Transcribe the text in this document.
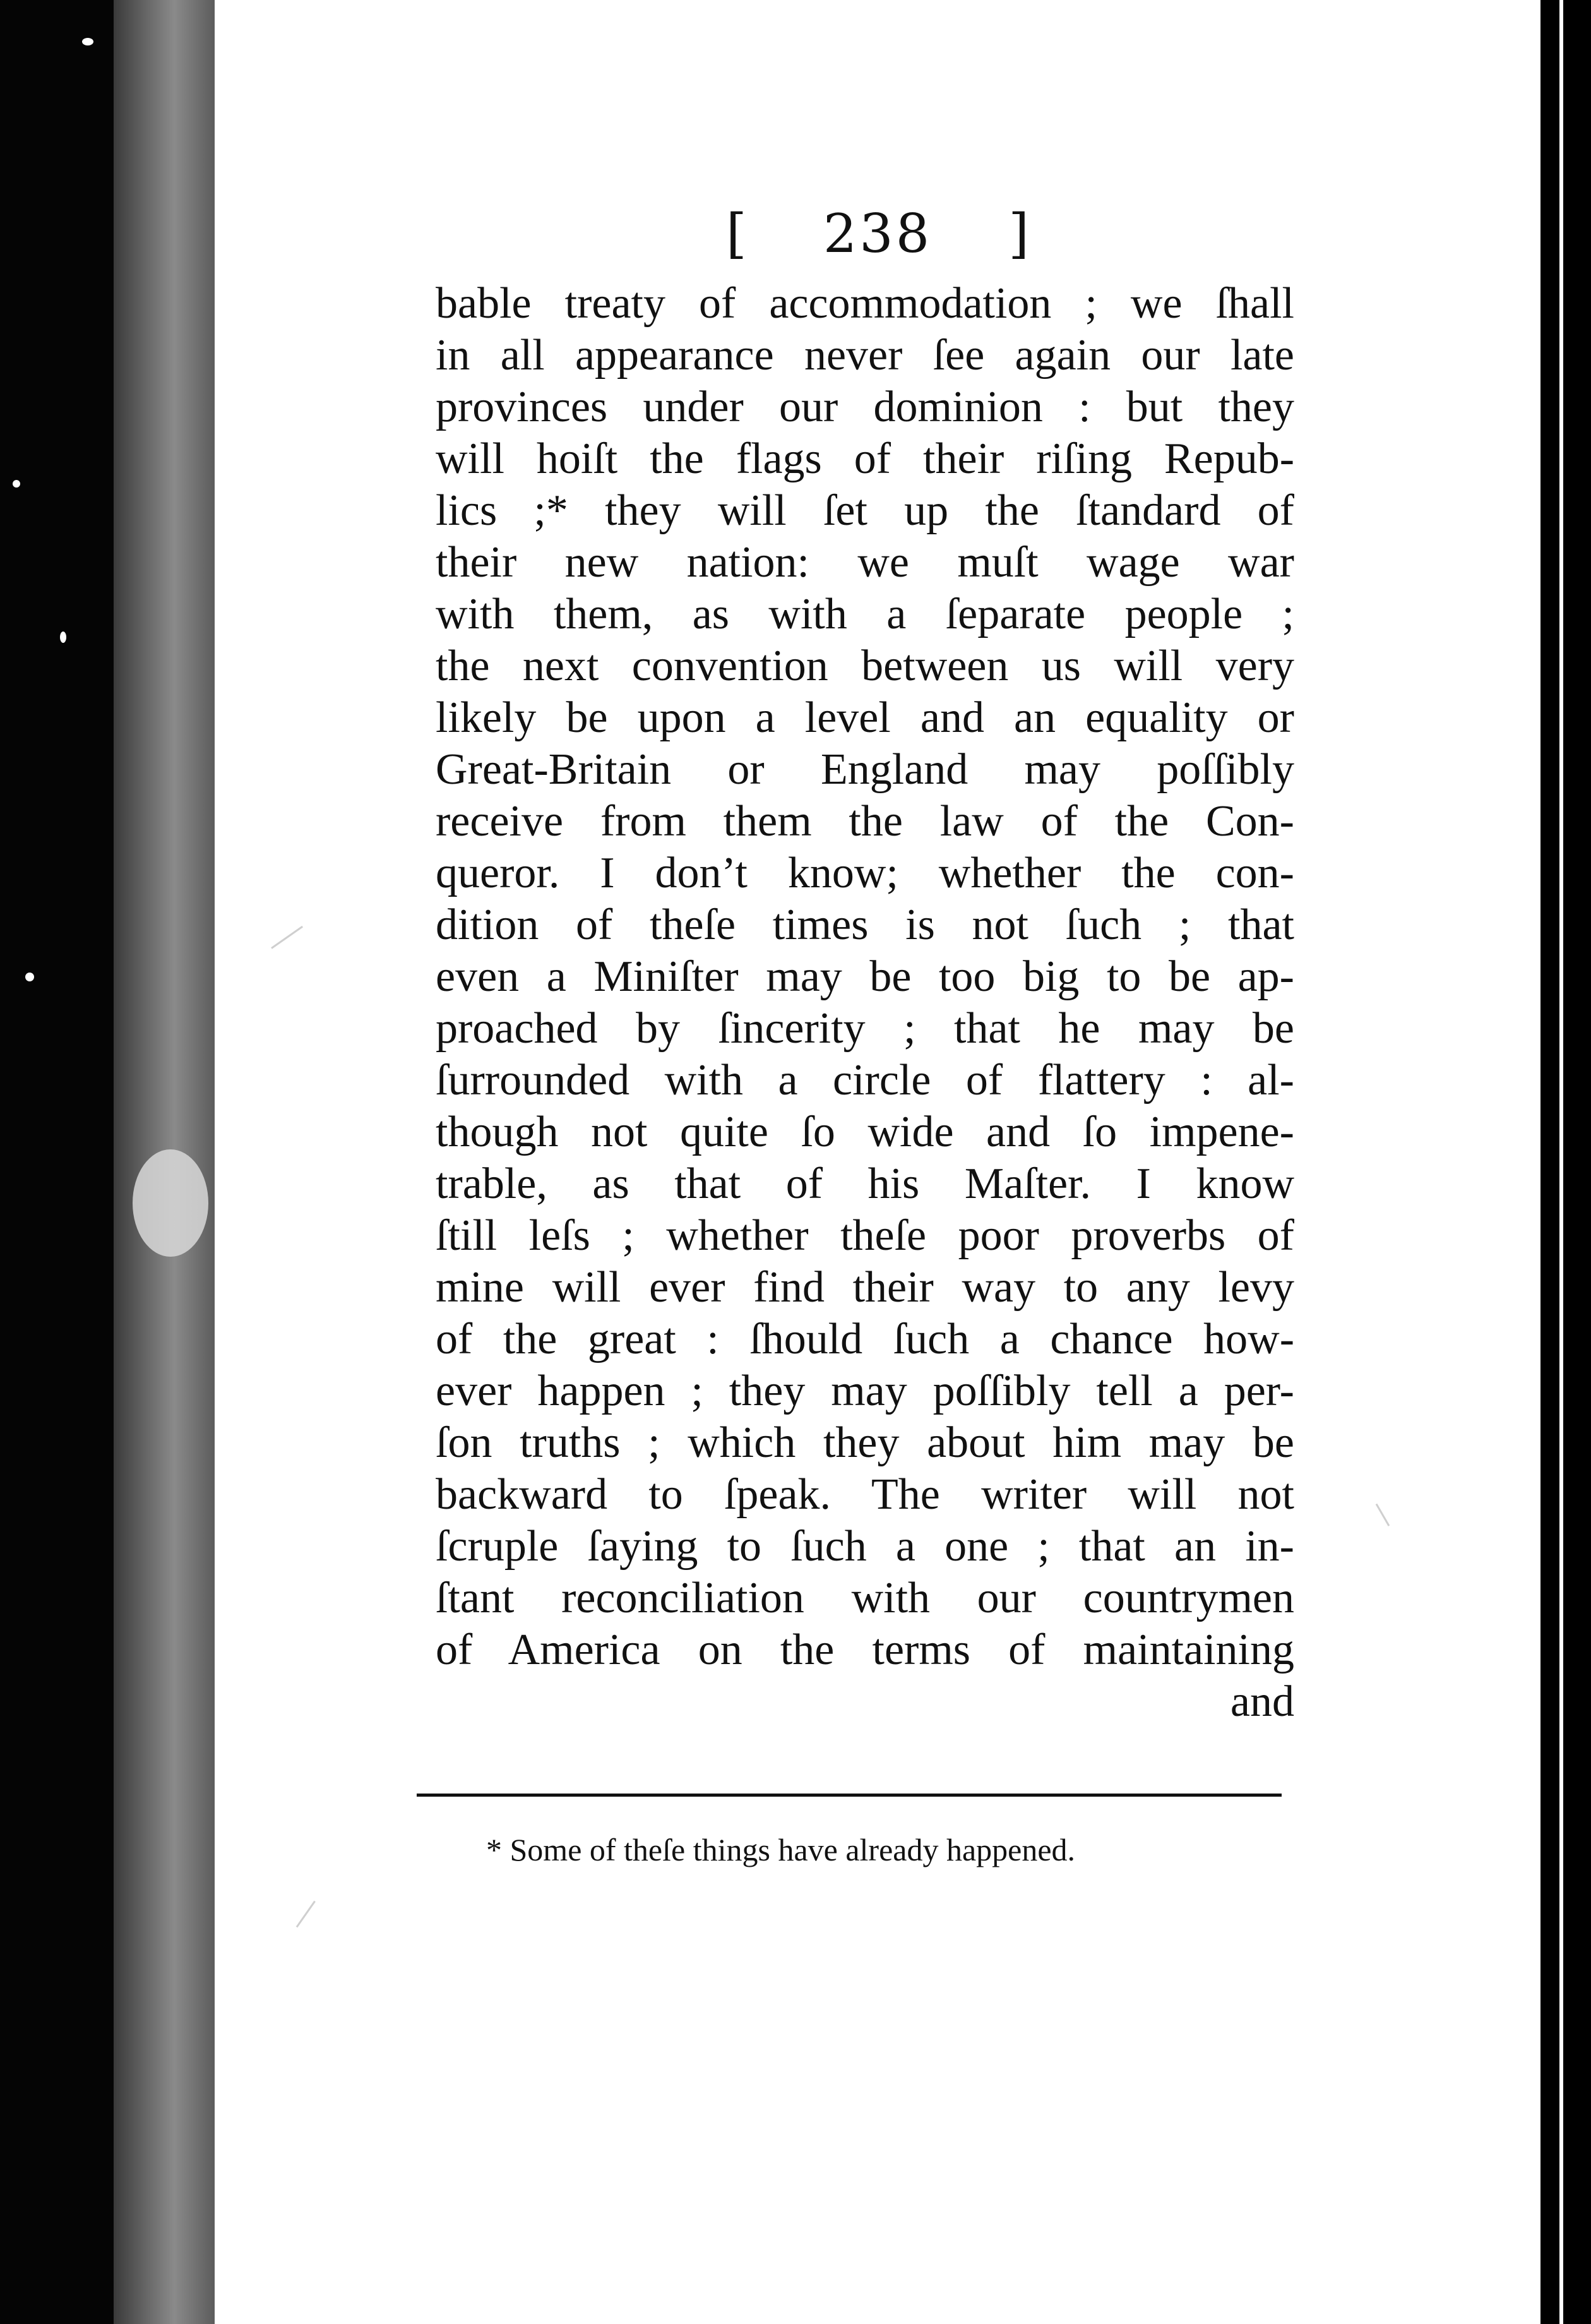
[ 238 ]
bable treaty of accommodation ; we ſhall
in all appearance never ſee again our late
provinces under our dominion : but they
will hoiſt the flags of their riſing Repub-
lics ;* they will ſet up the ſtandard of
their new nation: we muſt wage war
with them, as with a ſeparate people ;
the next convention between us will very
likely be upon a level and an equality or
Great-Britain or England may poſſibly
receive from them the law of the Con-
queror. I don’t know; whether the con-
dition of theſe times is not ſuch ; that
even a Miniſter may be too big to be ap-
proached by ſincerity ; that he may be
ſurrounded with a circle of flattery : al-
though not quite ſo wide and ſo impene-
trable, as that of his Maſter. I know
ſtill leſs ; whether theſe poor proverbs of
mine will ever find their way to any levy
of the great : ſhould ſuch a chance how-
ever happen ; they may poſſibly tell a per-
ſon truths ; which they about him may be
backward to ſpeak. The writer will not
ſcruple ſaying to ſuch a one ; that an in-
ſtant reconciliation with our countrymen
of America on the terms of maintaining
and
* Some of theſe things have already happened.
